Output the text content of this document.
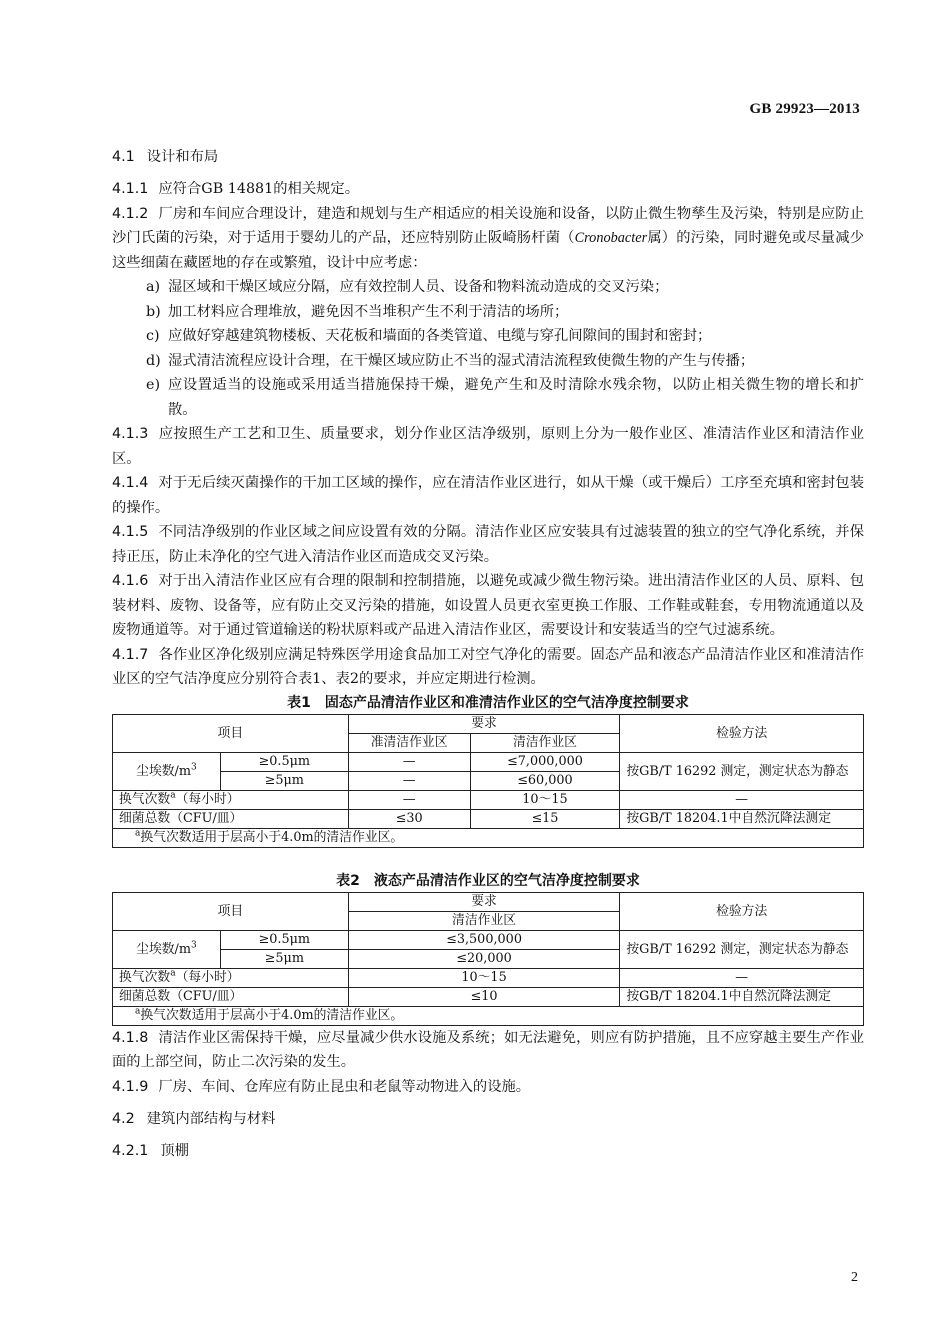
GB 29923—2013
4.1 设计和布局

4.1.1 应符合GB 14881的相关规定。

4.1.2 厂房和车间应合理设计，建造和规划与生产相适应的相关设施和设备，以防止微生物孳生及污染，特别是应防止沙门氏菌的污染，对于适用于婴幼儿的产品，还应特别防止阪崎肠杆菌（Cronobacter属）的污染，同时避免或尽量减少这些细菌在藏匿地的存在或繁殖，设计中应考虑：

a) 湿区域和干燥区域应分隔，应有效控制人员、设备和物料流动造成的交叉污染；
b) 加工材料应合理堆放，避免因不当堆积产生不利于清洁的场所；
c) 应做好穿越建筑物楼板、天花板和墙面的各类管道、电缆与穿孔间隙间的围封和密封；
d) 湿式清洁流程应设计合理，在干燥区域应防止不当的湿式清洁流程致使微生物的产生与传播；
e) 应设置适当的设施或采用适当措施保持干燥，避免产生和及时清除水残余物，以防止相关微生物的增长和扩散。

4.1.3 应按照生产工艺和卫生、质量要求，划分作业区洁净级别，原则上分为一般作业区、准清洁作业区和清洁作业区。

4.1.4 对于无后续灭菌操作的干加工区域的操作，应在清洁作业区进行，如从干燥（或干燥后）工序至充填和密封包装的操作。

4.1.5 不同洁净级别的作业区域之间应设置有效的分隔。清洁作业区应安装具有过滤装置的独立的空气净化系统，并保持正压，防止未净化的空气进入清洁作业区而造成交叉污染。

4.1.6 对于出入清洁作业区应有合理的限制和控制措施，以避免或减少微生物污染。进出清洁作业区的人员、原料、包装材料、废物、设备等，应有防止交叉污染的措施，如设置人员更衣室更换工作服、工作鞋或鞋套，专用物流通道以及废物通道等。对于通过管道输送的粉状原料或产品进入清洁作业区，需要设计和安装适当的空气过滤系统。

4.1.7 各作业区净化级别应满足特殊医学用途食品加工对空气净化的需要。固态产品和液态产品清洁作业区和准清洁作业区的空气洁净度应分别符合表1、表2的要求，并应定期进行检测。

表1　固态产品清洁作业区和准清洁作业区的空气洁净度控制要求
项目		要求		检验方法
		准清洁作业区	清洁作业区	
尘埃数$/m^3$	≥0.5μm	—	≤7,000,000	按GB/T 16292 测定，测定状态为静态
	≥5μm	—	≤60,000	
换气次数$^a$（每小时）		—	10～15	—
细菌总数（CFU/皿）		≤30	≤15	按GB/T 18204.1中自然沉降法测定
$^a$换气次数适用于层高小于4.0m的清洁作业区。				
表2　液态产品清洁作业区的空气洁净度控制要求
项目		要求	检验方法
		清洁作业区	
尘埃数$/m^3$	≥0.5μm	≤3,500,000	按GB/T 16292 测定，测定状态为静态
	≥5μm	≤20,000	
换气次数$^a$（每小时）		10～15	—
细菌总数（CFU/皿）		≤10	按GB/T 18204.1中自然沉降法测定
$^a$换气次数适用于层高小于4.0m的清洁作业区。			

4.1.8 清洁作业区需保持干燥，应尽量减少供水设施及系统；如无法避免，则应有防护措施，且不应穿越主要生产作业面的上部空间，防止二次污染的发生。

4.1.9 厂房、车间、仓库应有防止昆虫和老鼠等动物进入的设施。

4.2 建筑内部结构与材料
4.2.1 顶棚
2
